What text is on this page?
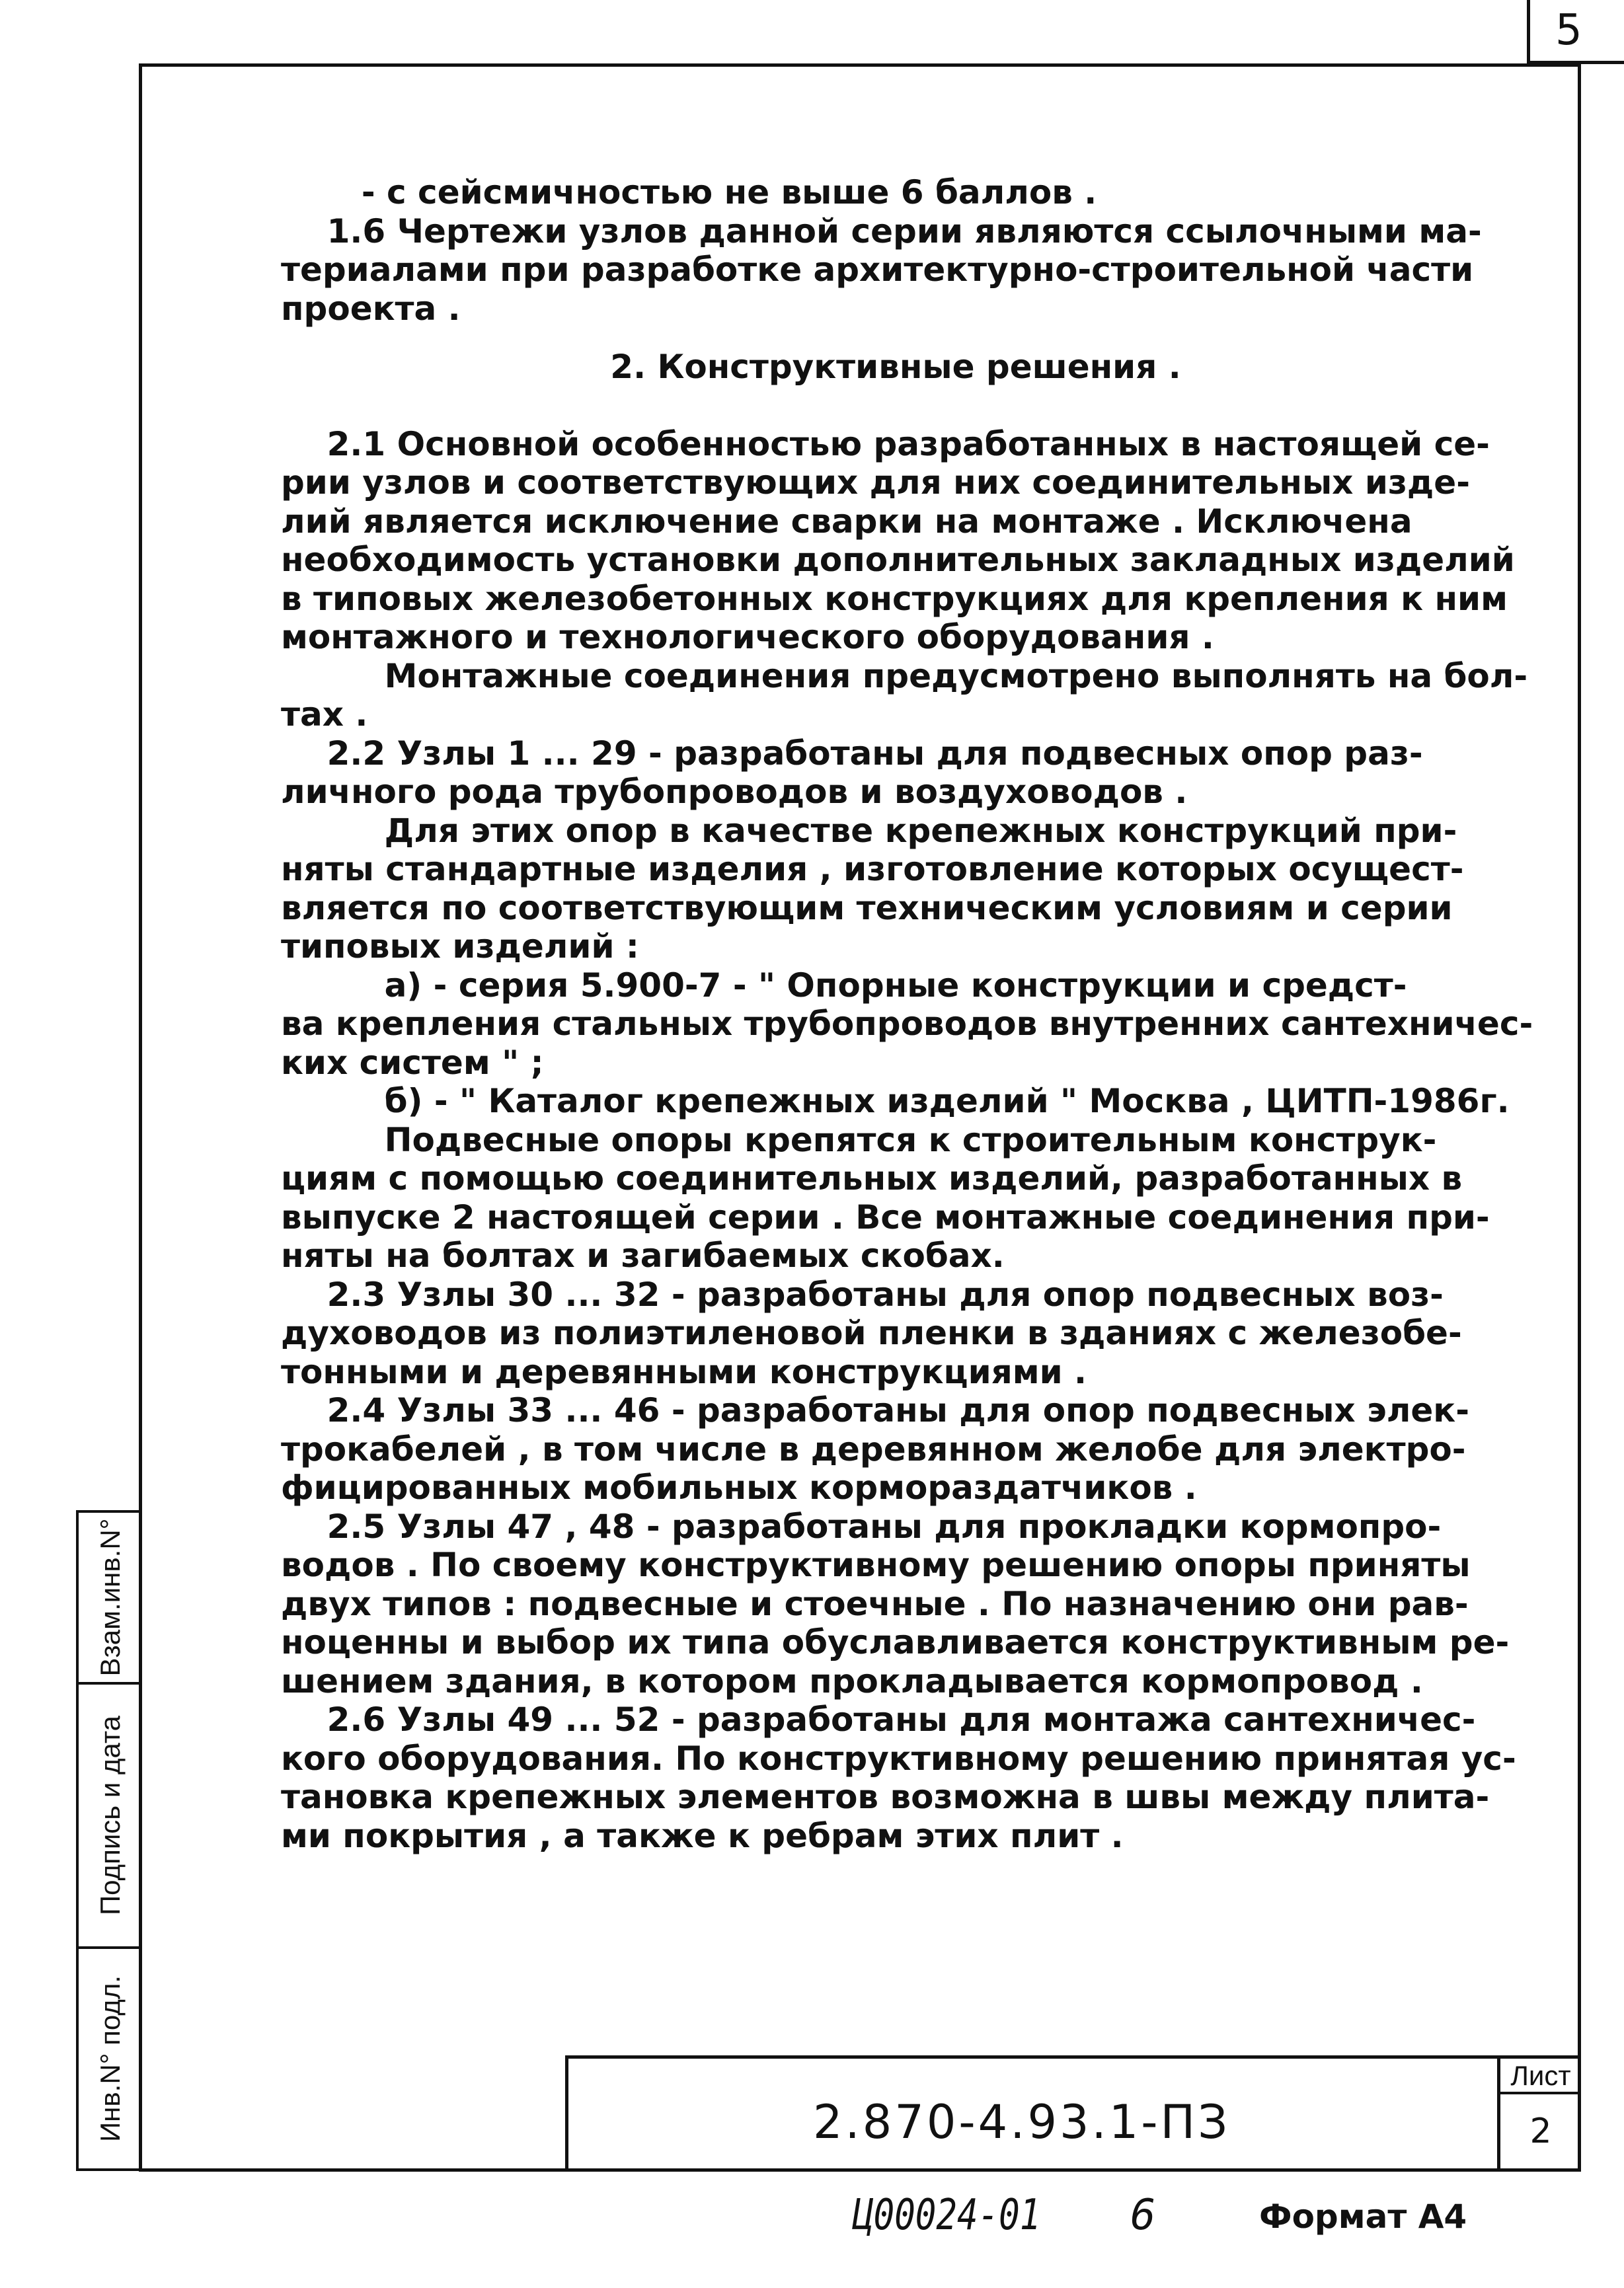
5
- с сейсмичностью не выше 6 баллов .
1.6 Чертежи узлов данной серии являются ссылочными ма-
териалами при разработке архитектурно-строительной части
проекта .
2. Конструктивные решения .
2.1 Основной особенностью разработанных в настоящей се-
рии узлов и соответствующих для них соединительных изде-
лий является исключение сварки на монтаже . Исключена
необходимость установки дополнительных закладных изделий
в типовых железобетонных конструкциях для крепления к ним
монтажного и технологического оборудования .
Монтажные соединения предусмотрено выполнять на бол-
тах .
2.2 Узлы 1 ... 29 - разработаны для подвесных опор раз-
личного рода трубопроводов и воздуховодов .
Для этих опор в качестве крепежных конструкций при-
няты стандартные изделия , изготовление которых осущест-
вляется по соответствующим техническим условиям и серии
типовых изделий :
а) - серия 5.900-7 - " Опорные конструкции и средст-
ва крепления стальных трубопроводов внутренних сантехничес-
ких систем " ;
б) - " Каталог крепежных изделий " Москва , ЦИТП-1986г.
Подвесные опоры крепятся к строительным конструк-
циям с помощью соединительных изделий, разработанных в
выпуске 2 настоящей серии . Все монтажные соединения при-
няты на болтах и загибаемых скобах.
2.3 Узлы 30 ... 32 - разработаны для опор подвесных воз-
духоводов из полиэтиленовой пленки в зданиях с железобе-
тонными и деревянными конструкциями .
2.4 Узлы 33 ... 46 - разработаны для опор подвесных элек-
трокабелей , в том числе в деревянном желобе для электро-
фицированных мобильных кормораздатчиков .
2.5 Узлы 47 , 48 - разработаны для прокладки кормопро-
водов . По своему конструктивному решению опоры приняты
двух типов : подвесные и стоечные . По назначению они рав-
ноценны и выбор их типа обуславливается конструктивным ре-
шением здания, в котором прокладывается кормопровод .
2.6 Узлы 49 ... 52 - разработаны для монтажа сантехничес-
кого оборудования. По конструктивному решению принятая ус-
тановка крепежных элементов возможна в швы между плита-
ми покрытия , а также к ребрам этих плит .
Взам.инв.N°
Подпись и дата
Инв.N° подл.	2.870-4.93.1-ПЗ
Лист
2
Ц00024-01 6	Формат А4
